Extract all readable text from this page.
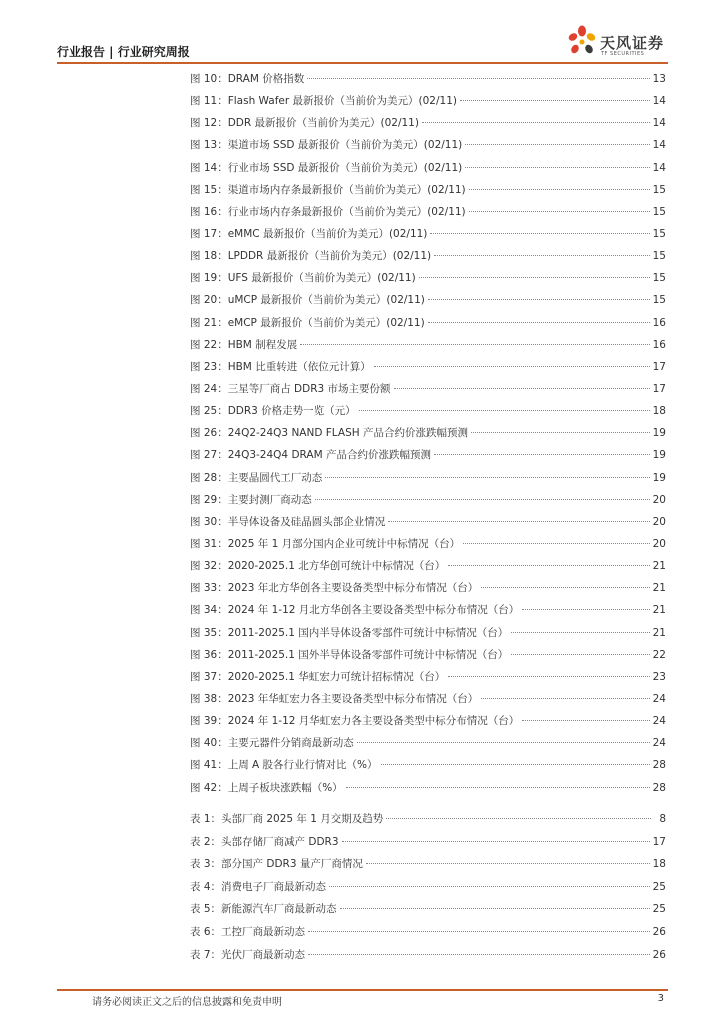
行业报告 | 行业研究周报	天风证券
TF SECURITIES
图 10： DRAM 价格指数	13
图 11： Flash Wafer 最新报价（当前价为美元）(02/11)	14
图 12： DDR 最新报价（当前价为美元）(02/11)	14
图 13： 渠道市场 SSD 最新报价（当前价为美元）(02/11)	14
图 14： 行业市场 SSD 最新报价（当前价为美元）(02/11)	14
图 15： 渠道市场内存条最新报价（当前价为美元）(02/11)	15
图 16： 行业市场内存条最新报价（当前价为美元）(02/11)	15
图 17： eMMC 最新报价（当前价为美元）(02/11)	15
图 18： LPDDR 最新报价（当前价为美元）(02/11)	15
图 19： UFS 最新报价（当前价为美元）(02/11)	15
图 20： uMCP 最新报价（当前价为美元）(02/11)	15
图 21： eMCP 最新报价（当前价为美元）(02/11)	16
图 22： HBM 制程发展	16
图 23： HBM 比重转进（依位元计算）	17
图 24： 三星等厂商占 DDR3 市场主要份额	17
图 25： DDR3 价格走势一览（元）	18
图 26： 24Q2-24Q3 NAND FLASH 产品合约价涨跌幅预测	19
图 27： 24Q3-24Q4 DRAM 产品合约价涨跌幅预测	19
图 28： 主要晶圆代工厂动态	19
图 29： 主要封测厂商动态	20
图 30： 半导体设备及硅晶圆头部企业情况	20
图 31： 2025 年 1 月部分国内企业可统计中标情况（台）	20
图 32： 2020-2025.1 北方华创可统计中标情况（台）	21
图 33： 2023 年北方华创各主要设备类型中标分布情况（台）	21
图 34： 2024 年 1-12 月北方华创各主要设备类型中标分布情况（台）	21
图 35： 2011-2025.1 国内半导体设备零部件可统计中标情况（台）	21
图 36： 2011-2025.1 国外半导体设备零部件可统计中标情况（台）	22
图 37： 2020-2025.1 华虹宏力可统计招标情况（台）	23
图 38： 2023 年华虹宏力各主要设备类型中标分布情况（台）	24
图 39： 2024 年 1-12 月华虹宏力各主要设备类型中标分布情况（台）	24
图 40： 主要元器件分销商最新动态	24
图 41： 上周 A 股各行业行情对比（%）	28
图 42： 上周子板块涨跌幅（%）	28
表 1： 头部厂商 2025 年 1 月交期及趋势	8
表 2： 头部存储厂商减产 DDR3	17
表 3： 部分国产 DDR3 量产厂商情况	18
表 4： 消费电子厂商最新动态	25
表 5： 新能源汽车厂商最新动态	25
表 6： 工控厂商最新动态	26
表 7： 光伏厂商最新动态	26
请务必阅读正文之后的信息披露和免责申明	3
